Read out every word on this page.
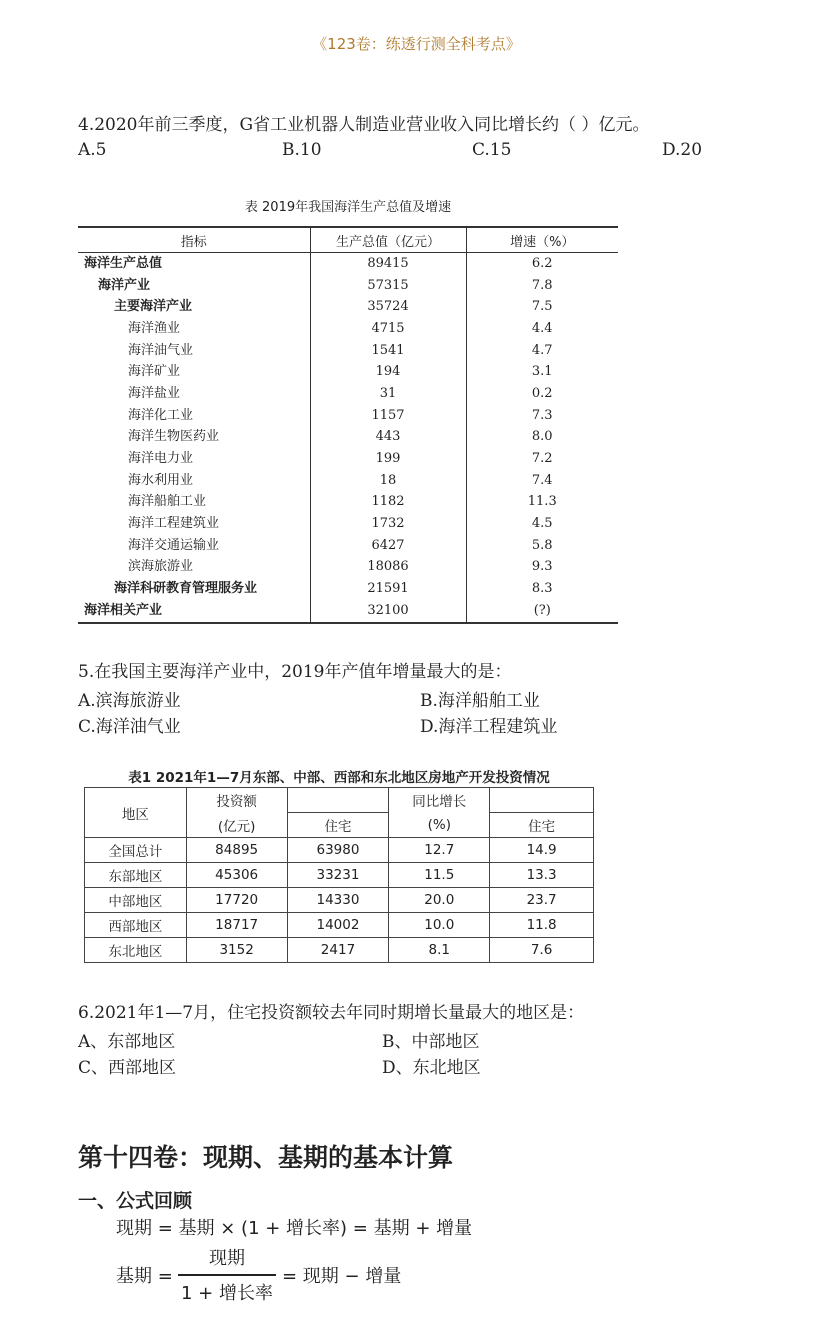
《123卷：练透行测全科考点》
4.2020年前三季度，G省工业机器人制造业营业收入同比增长约（ ）亿元。
A.5	B.10	C.15	D.20
表 2019年我国海洋生产总值及增速
指标	生产总值（亿元）	增速（%）
海洋生产总值	89415	6.2
海洋产业	57315	7.8
主要海洋产业	35724	7.5
海洋渔业	4715	4.4
海洋油气业	1541	4.7
海洋矿业	194	3.1
海洋盐业	31	0.2
海洋化工业	1157	7.3
海洋生物医药业	443	8.0
海洋电力业	199	7.2
海水利用业	18	7.4
海洋船舶工业	1182	11.3
海洋工程建筑业	1732	4.5
海洋交通运输业	6427	5.8
滨海旅游业	18086	9.3
海洋科研教育管理服务业	21591	8.3
海洋相关产业	32100	(?)
5.在我国主要海洋产业中，2019年产值年增量最大的是：
A.滨海旅游业	B.海洋船舶工业
C.海洋油气业	D.海洋工程建筑业
表1 2021年1—7月东部、中部、西部和东北地区房地产开发投资情况
地区	投资额		同比增长	
	(亿元)	住宅	(%)	住宅
全国总计	84895	63980	12.7	14.9
东部地区	45306	33231	11.5	13.3
中部地区	17720	14330	20.0	23.7
西部地区	18717	14002	10.0	11.8
东北地区	3152	2417	8.1	7.6
6.2021年1—7月，住宅投资额较去年同时期增长量最大的地区是：
A、东部地区	B、中部地区
C、西部地区	D、东北地区
第十四卷：现期、基期的基本计算
一、公式回顾
现期 = 基期 × (1 + 增长率) = 基期 + 增量
基期 =
现期
1 + 增长率
= 现期 − 增量
